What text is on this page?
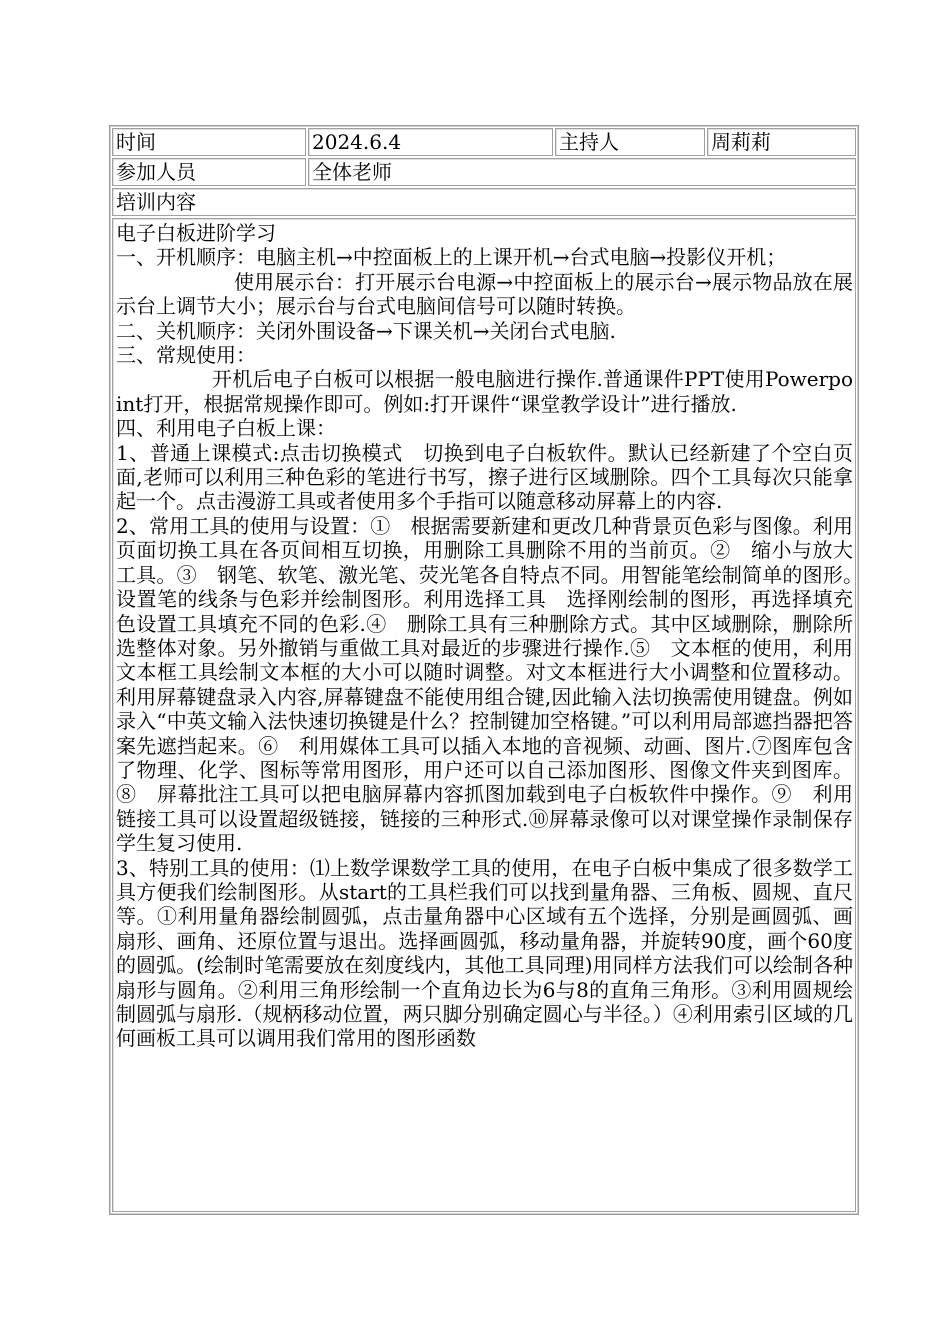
时间	2024.6.4	主持人	周莉莉
参加人员	全体老师
培训内容

电子白板进阶学习

一、开机顺序：电脑主机→中控面板上的上课开机→台式电脑→投影仪开机；

使用展示台：打开展示台电源→中控面板上的展示台→展示物品放在展示台上调节大小；展示台与台式电脑间信号可以随时转换。

二、关机顺序：关闭外围设备→下课关机→关闭台式电脑.

三、常规使用：

开机后电子白板可以根据一般电脑进行操作.普通课件PPT使用Powerpoint打开，根据常规操作即可。例如:打开课件“课堂教学设计”进行播放.

四、利用电子白板上课：

1、普通上课模式:点击切换模式　切换到电子白板软件。默认已经新建了个空白页面,老师可以利用三种色彩的笔进行书写，擦子进行区域删除。四个工具每次只能拿起一个。点击漫游工具或者使用多个手指可以随意移动屏幕上的内容.

2、常用工具的使用与设置：①　根据需要新建和更改几种背景页色彩与图像。利用页面切换工具在各页间相互切换，用删除工具删除不用的当前页。②　缩小与放大工具。③　钢笔、软笔、激光笔、荧光笔各自特点不同。用智能笔绘制简单的图形。　设置笔的线条与色彩并绘制图形。利用选择工具　选择刚绘制的图形，再选择填充色设置工具填充不同的色彩.④　删除工具有三种删除方式。其中区域删除，删除所选整体对象。另外撤销与重做工具对最近的步骤进行操作.⑤　文本框的使用，利用文本框工具绘制文本框的大小可以随时调整。对文本框进行大小调整和位置移动。利用屏幕键盘录入内容,屏幕键盘不能使用组合键,因此输入法切换需使用键盘。例如录入“中英文输入法快速切换键是什么？控制键加空格键。”可以利用局部遮挡器把答案先遮挡起来。⑥　利用媒体工具可以插入本地的音视频、动画、图片.⑦图库包含了物理、化学、图标等常用图形，用户还可以自己添加图形、图像文件夹到图库。⑧　屏幕批注工具可以把电脑屏幕内容抓图加载到电子白板软件中操作。⑨　利用链接工具可以设置超级链接，链接的三种形式.⑩屏幕录像可以对课堂操作录制保存学生复习使用.

3、特别工具的使用：⑴上数学课数学工具的使用，在电子白板中集成了很多数学工具方便我们绘制图形。从start的工具栏我们可以找到量角器、三角板、圆规、直尺等。①利用量角器绘制圆弧，点击量角器中心区域有五个选择，分别是画圆弧、画扇形、画角、还原位置与退出。选择画圆弧，移动量角器，并旋转90度，画个60度的圆弧。(绘制时笔需要放在刻度线内，其他工具同理)用同样方法我们可以绘制各种扇形与圆角。②利用三角形绘制一个直角边长为6与8的直角三角形。③利用圆规绘制圆弧与扇形.（规柄移动位置，两只脚分别确定圆心与半径。）④利用索引区域的几何画板工具可以调用我们常用的图形函数
